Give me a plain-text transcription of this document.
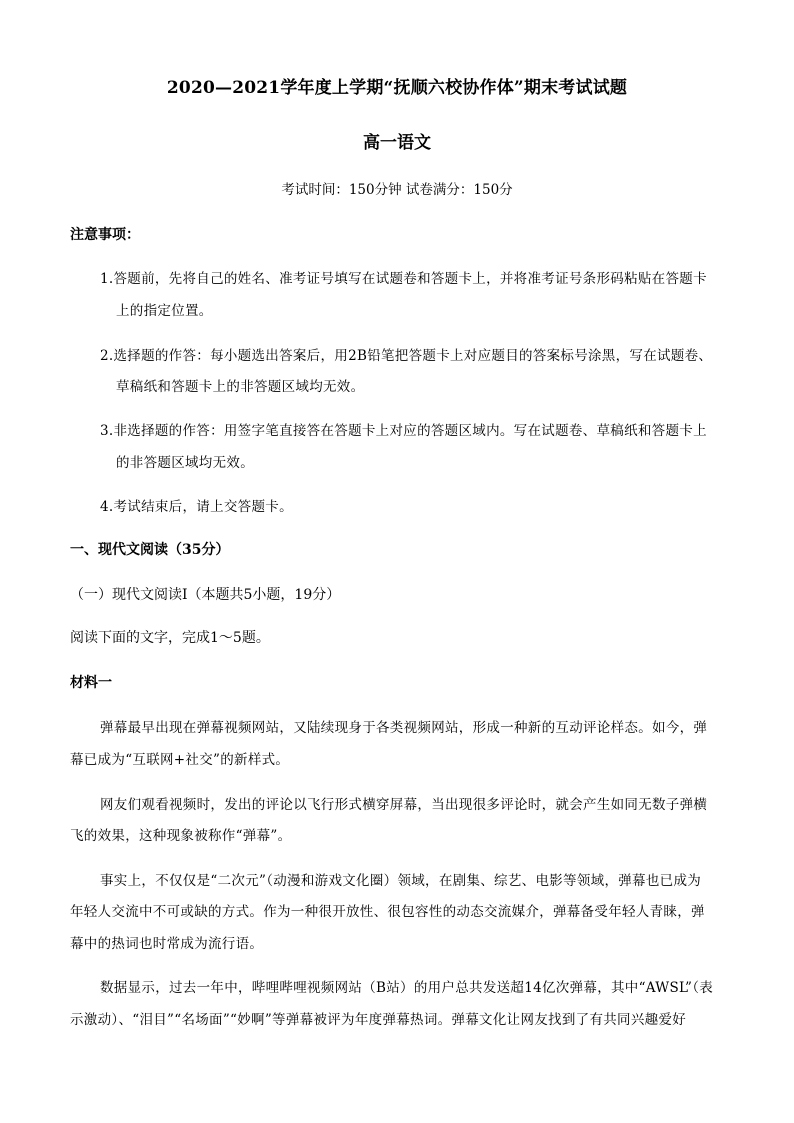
2020—2021学年度上学期“抚顺六校协作体”期末考试试题
高一语文
考试时间：150分钟 试卷满分：150分
注意事项：
1.答题前，先将自己的姓名、准考证号填写在试题卷和答题卡上，并将准考证号条形码粘贴在答题卡
上的指定位置。
2.选择题的作答：每小题选出答案后，用2B铅笔把答题卡上对应题目的答案标号涂黑，写在试题卷、
草稿纸和答题卡上的非答题区域均无效。
3.非选择题的作答：用签字笔直接答在答题卡上对应的答题区域内。写在试题卷、草稿纸和答题卡上
的非答题区域均无效。
4.考试结束后，请上交答题卡。
一、现代文阅读（35分）
（一）现代文阅读Ⅰ（本题共5小题，19分）
阅读下面的文字，完成1～5题。
材料一
弹幕最早出现在弹幕视频网站，又陆续现身于各类视频网站，形成一种新的互动评论样态。如今，弹
幕已成为“互联网+社交”的新样式。
网友们观看视频时，发出的评论以飞行形式横穿屏幕，当出现很多评论时，就会产生如同无数子弹横
飞的效果，这种现象被称作“弹幕”。
事实上，不仅仅是“二次元”（动漫和游戏文化圈）领域，在剧集、综艺、电影等领域，弹幕也已成为
年轻人交流中不可或缺的方式。作为一种很开放性、很包容性的动态交流媒介，弹幕备受年轻人青睐，弹
幕中的热词也时常成为流行语。
数据显示，过去一年中，哔哩哔哩视频网站（B站）的用户总共发送超14亿次弹幕，其中“AWSL”（表
示激动）、“泪目”“名场面”“妙啊”等弹幕被评为年度弹幕热词。弹幕文化让网友找到了有共同兴趣爱好
